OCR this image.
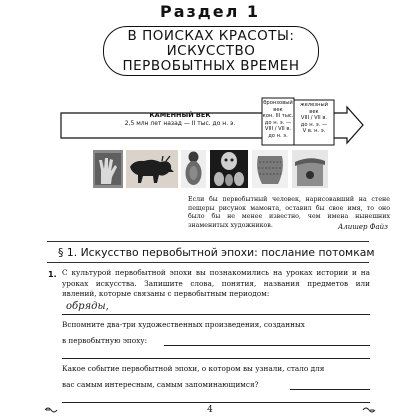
Раздел 1
В ПОИСКАХ КРАСОТЫ:
ИСКУССТВО
ПЕРВОБЫТНЫХ ВРЕМЕН
КАМЕННЫЙ ВЕК
2,5 млн лет назад — II тыс. до н. э.
бронзовый век
кон. III тыс.
до н. э. —
VIII / VII в.
до н. э.
железный
век
VIII / VII в.
до н. э. —
V в. н. э.
Если бы первобытный человек, нарисовавший на стене пещеры рисунок мамонта, оставил бы свое имя, то оно было бы не менее известно, чем имена нынешних знаменитых художников.	Алишер Файз
§ 1. Искусство первобытной эпохи: послание потомкам
1. С культурой первобытной эпохи вы познакомились на уроках истории и на уроках искусства. Запишите слова, понятия, названия предметов или явлений, которые связаны с первобытным периодом:
обряды,
Вспомните два-три художественных произведения, созданных
в первобытную эпоху:
Какое событие первобытной эпохи, о котором вы узнали, стало для
вас самым интересным, самым запоминающимся?
4
